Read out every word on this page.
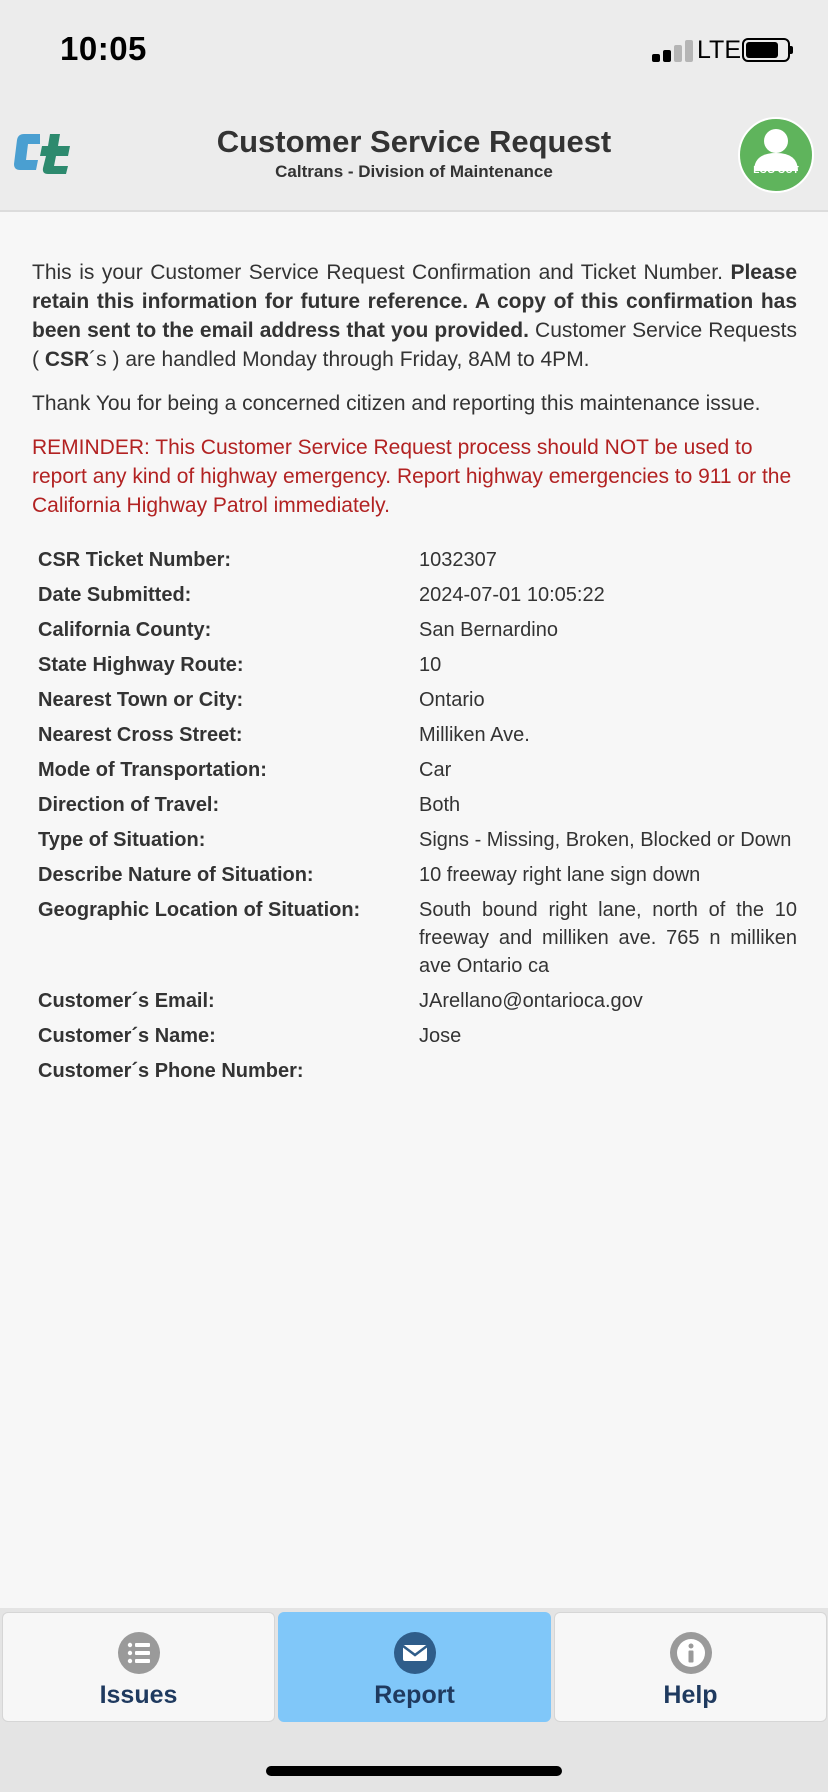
10:05	LTE
Customer Service Request
Caltrans - Division of Maintenance	LOG OUT

This is your Customer Service Request Confirmation and Ticket Number. Please retain this information for future reference. A copy of this confirmation has been sent to the email address that you provided. Customer Service Requests ( CSR´s ) are handled Monday through Friday, 8AM to 4PM.

Thank You for being a concerned citizen and reporting this maintenance issue.

REMINDER: This Customer Service Request process should NOT be used to report any kind of highway emergency. Report highway emergencies to 911 or the California Highway Patrol immediately.

CSR Ticket Number:	1032307
Date Submitted:	2024-07-01 10:05:22
California County:	San Bernardino
State Highway Route:	10
Nearest Town or City:	Ontario
Nearest Cross Street:	Milliken Ave.
Mode of Transportation:	Car
Direction of Travel:	Both
Type of Situation:	Signs - Missing, Broken, Blocked or Down
Describe Nature of Situation:	10 freeway right lane sign down
Geographic Location of Situation:	South bound right lane, north of the 10 freeway and milliken ave. 765 n milliken ave Ontario ca
Customer´s Email:	JArellano@ontarioca.gov
Customer´s Name:	Jose
Customer´s Phone Number:	
Issues	Report	Help
